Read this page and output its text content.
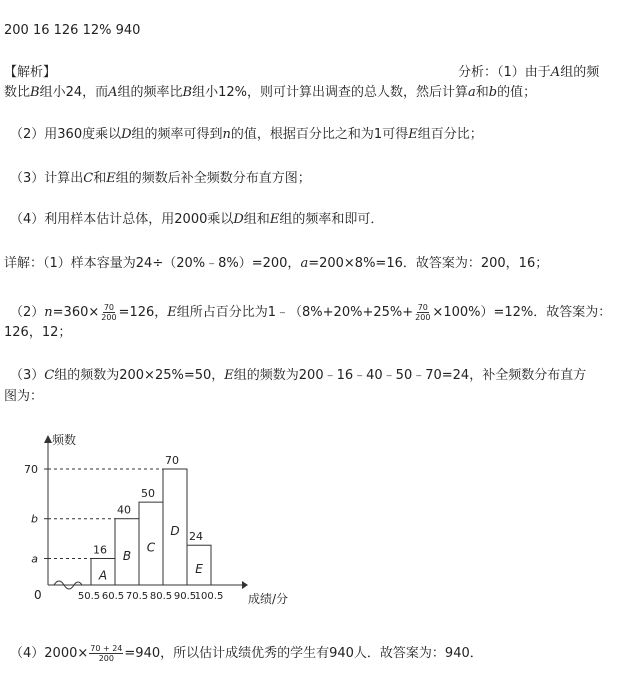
200 16 126 12% 940
【解析】	分析：（1）由于A组的频
数比B组小24，而A组的频率比B组小12%，则可计算出调查的总人数，然后计算a和b的值；
（2）用360度乘以D组的频率可得到n的值，根据百分比之和为1可得E组百分比；
（3）计算出C和E组的频数后补全频数分布直方图；
（4）利用样本估计总体，用2000乘以D组和E组的频率和即可．
详解：（1）样本容量为24÷（20%﹣8%）=200，a=200×8%=16．故答案为：200，16；
$(2)n=360\times \frac{70}{200} =126$，E组所占百分比为1﹣（8%+20%+25%+ $\frac{70}{200} \times 100\%)=12\%$．故答案为：
126，12；
（3）C组的频数为200×25%=50，E组的频数为200﹣16﹣40﹣50﹣70=24，补全频数分布直方
图为：
频数
成绩/分
0
a
b
70
A
16 B
40
C
50
D
70
E
24
50.5 60.5 70.5 80.5 90.5
100.5
$(4)2000\times \frac{70 + 24}{200} =940$，所以估计成绩优秀的学生有940人．故答案为：940．
